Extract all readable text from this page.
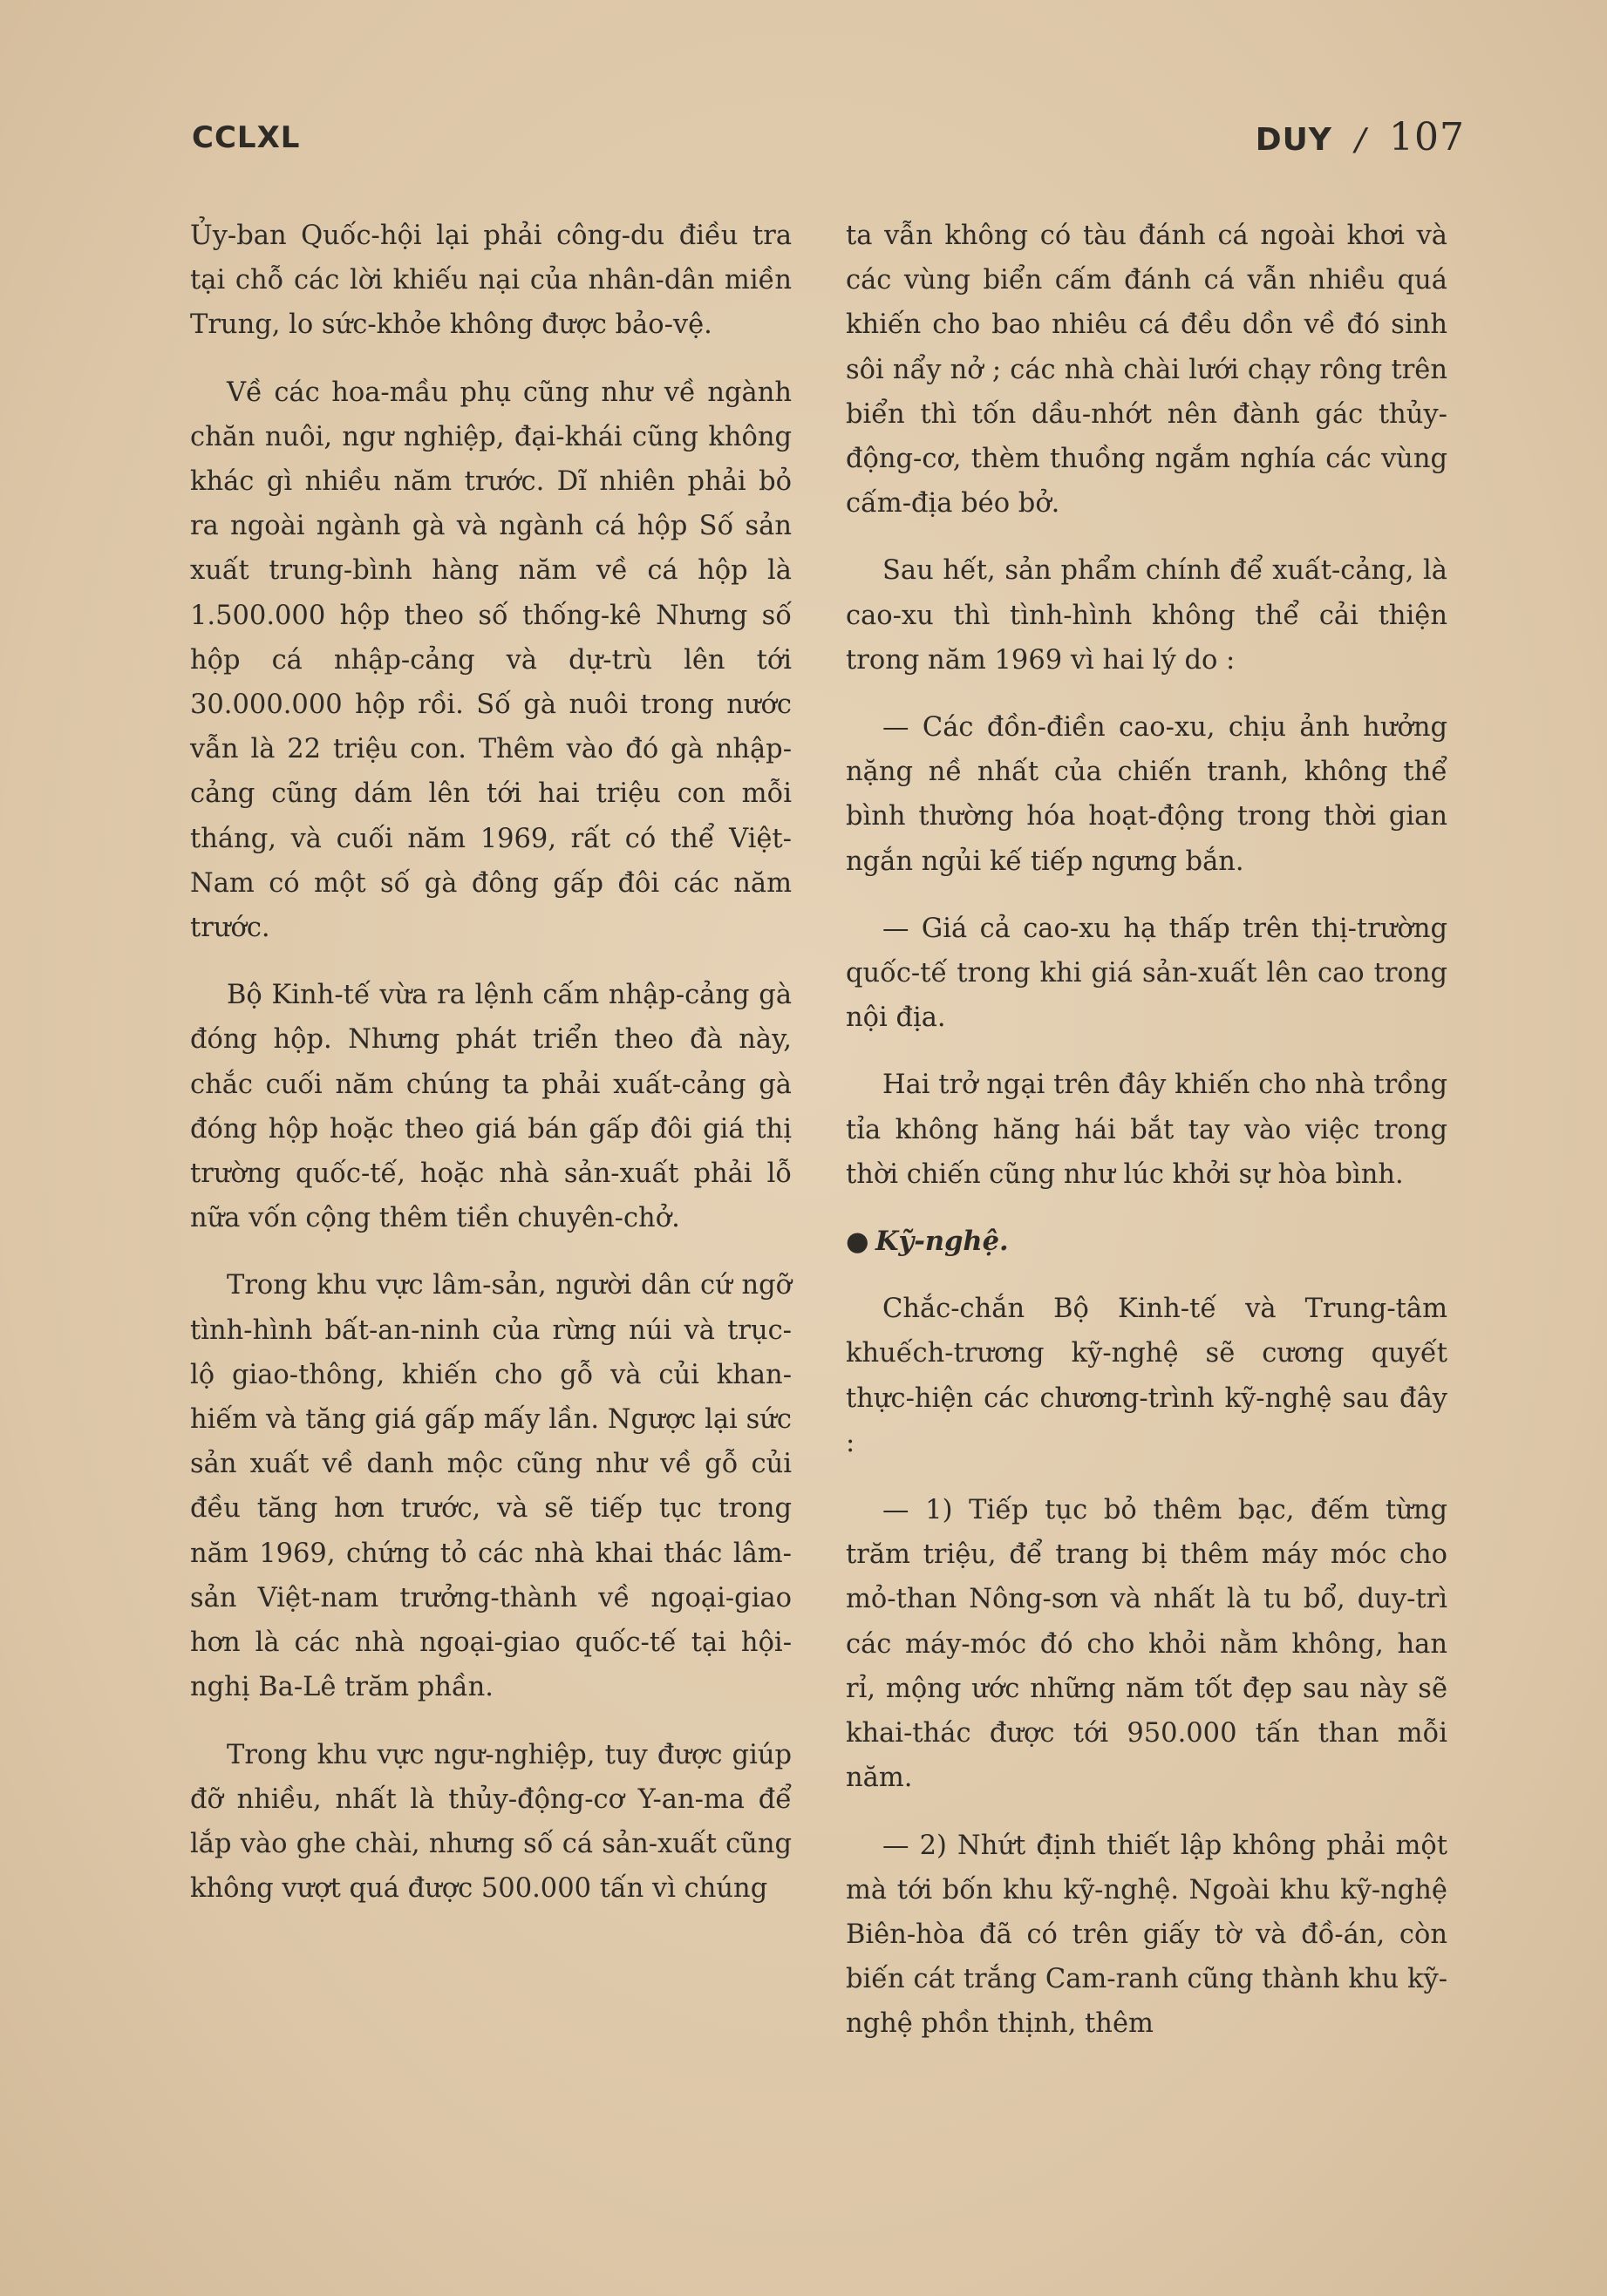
CCLXL	DUY / 107

Ủy-ban Quốc-hội lại phải công-du điều tra tại chỗ các lời khiếu nại của nhân-dân miền Trung, lo sức-khỏe không được bảo-vệ.

Về các hoa-mầu phụ cũng như về ngành chăn nuôi, ngư nghiệp, đại-khái cũng không khác gì nhiều năm trước. Dĩ nhiên phải bỏ ra ngoài ngành gà và ngành cá hộp Số sản xuất trung-bình hàng năm về cá hộp là 1.500.000 hộp theo số thống-kê Nhưng số hộp cá nhập-cảng và dự-trù lên tới 30.000.000 hộp rồi. Số gà nuôi trong nước vẫn là 22 triệu con. Thêm vào đó gà nhập-cảng cũng dám lên tới hai triệu con mỗi tháng, và cuối năm 1969, rất có thể Việt-Nam có một số gà đông gấp đôi các năm trước.

Bộ Kinh-tế vừa ra lệnh cấm nhập-cảng gà đóng hộp. Nhưng phát triển theo đà này, chắc cuối năm chúng ta phải xuất-cảng gà đóng hộp hoặc theo giá bán gấp đôi giá thị trường quốc-tế, hoặc nhà sản-xuất phải lỗ nữa vốn cộng thêm tiền chuyên-chở.

Trong khu vực lâm-sản, người dân cứ ngỡ tình-hình bất-an-ninh của rừng núi và trục-lộ giao-thông, khiến cho gỗ và củi khan-hiếm và tăng giá gấp mấy lần. Ngược lại sức sản xuất về danh mộc cũng như về gỗ củi đều tăng hơn trước, và sẽ tiếp tục trong năm 1969, chứng tỏ các nhà khai thác lâm-sản Việt-nam trưởng-thành về ngoại-giao hơn là các nhà ngoại-giao quốc-tế tại hội-nghị Ba-Lê trăm phần.

Trong khu vực ngư-nghiệp, tuy được giúp đỡ nhiều, nhất là thủy-động-cơ Y-an-ma để lắp vào ghe chài, nhưng số cá sản-xuất cũng không vượt quá được 500.000 tấn vì chúng

ta vẫn không có tàu đánh cá ngoài khơi và các vùng biển cấm đánh cá vẫn nhiều quá khiến cho bao nhiêu cá đều dồn về đó sinh sôi nẩy nở ; các nhà chài lưới chạy rông trên biển thì tốn dầu-nhớt nên đành gác thủy-động-cơ, thèm thuồng ngắm nghía các vùng cấm-địa béo bở.

Sau hết, sản phẩm chính để xuất-cảng, là cao-xu thì tình-hình không thể cải thiện trong năm 1969 vì hai lý do :

— Các đồn-điền cao-xu, chịu ảnh hưởng nặng nề nhất của chiến tranh, không thể bình thường hóa hoạt-động trong thời gian ngắn ngủi kế tiếp ngưng bắn.

— Giá cả cao-xu hạ thấp trên thị-trường quốc-tế trong khi giá sản-xuất lên cao trong nội địa.

Hai trở ngại trên đây khiến cho nhà trồng tỉa không hăng hái bắt tay vào việc trong thời chiến cũng như lúc khởi sự hòa bình.

● Kỹ-nghệ.

Chắc-chắn Bộ Kinh-tế và Trung-tâm khuếch-trương kỹ-nghệ sẽ cương quyết thực-hiện các chương-trình kỹ-nghệ sau đây :

— 1) Tiếp tục bỏ thêm bạc, đếm từng trăm triệu, để trang bị thêm máy móc cho mỏ-than Nông-sơn và nhất là tu bổ, duy-trì các máy-móc đó cho khỏi nằm không, han rỉ, mộng ước những năm tốt đẹp sau này sẽ khai-thác được tới 950.000 tấn than mỗi năm.

— 2) Nhứt định thiết lập không phải một mà tới bốn khu kỹ-nghệ. Ngoài khu kỹ-nghệ Biên-hòa đã có trên giấy tờ và đồ-án, còn biến cát trắng Cam-ranh cũng thành khu kỹ-nghệ phồn thịnh, thêm
